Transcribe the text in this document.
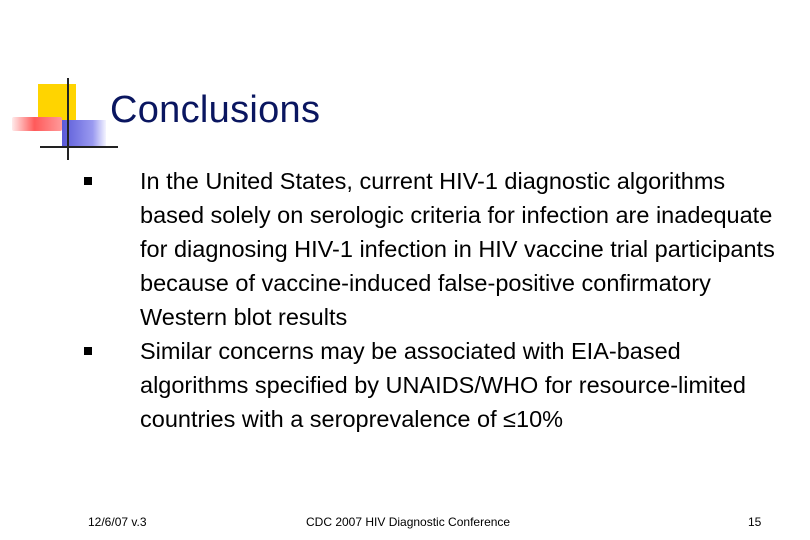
Conclusions
In the United States, current HIV-1 diagnostic algorithms based solely on serologic criteria for infection are inadequate for diagnosing HIV-1 infection in HIV vaccine trial participants because of vaccine-induced false-positive confirmatory Western blot results
Similar concerns may be associated with EIA-based algorithms specified by UNAIDS/WHO for resource-limited countries with a seroprevalence of ≤10%
12/6/07 v.3	CDC 2007 HIV Diagnostic Conference	15
